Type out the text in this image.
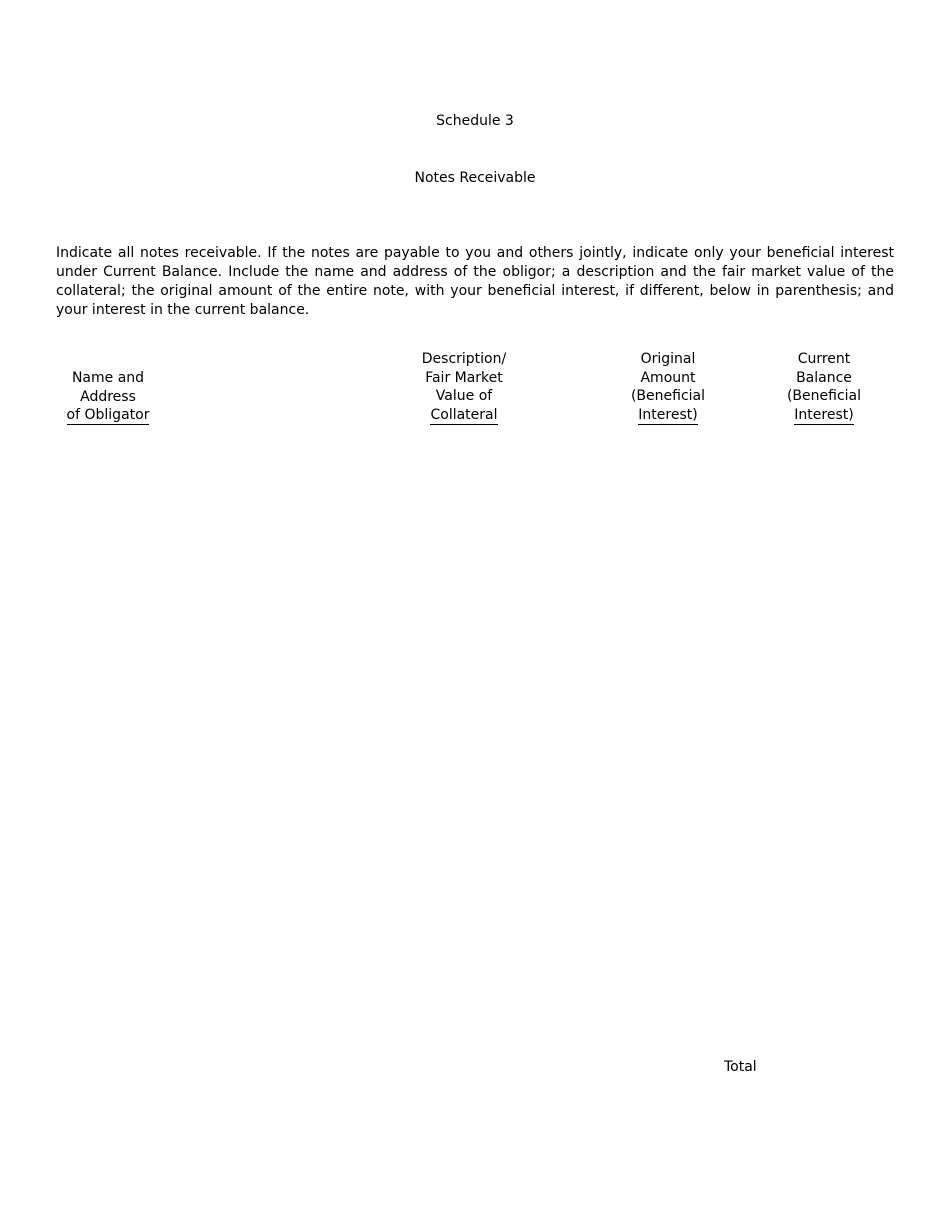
Schedule 3
Notes Receivable
Indicate all notes receivable. If the notes are payable to you and others jointly, indicate only your beneficial interest under Current Balance. Include the name and address of the obligor; a description and the fair market value of the collateral; the original amount of the entire note, with your beneficial interest, if different, below in parenthesis; and your interest in the current balance.
Name and
Address
of Obligator
Description/
Fair Market
Value of
Collateral
Original
Amount
(Beneficial
Interest)
Current
Balance
(Beneficial
Interest)
Total
